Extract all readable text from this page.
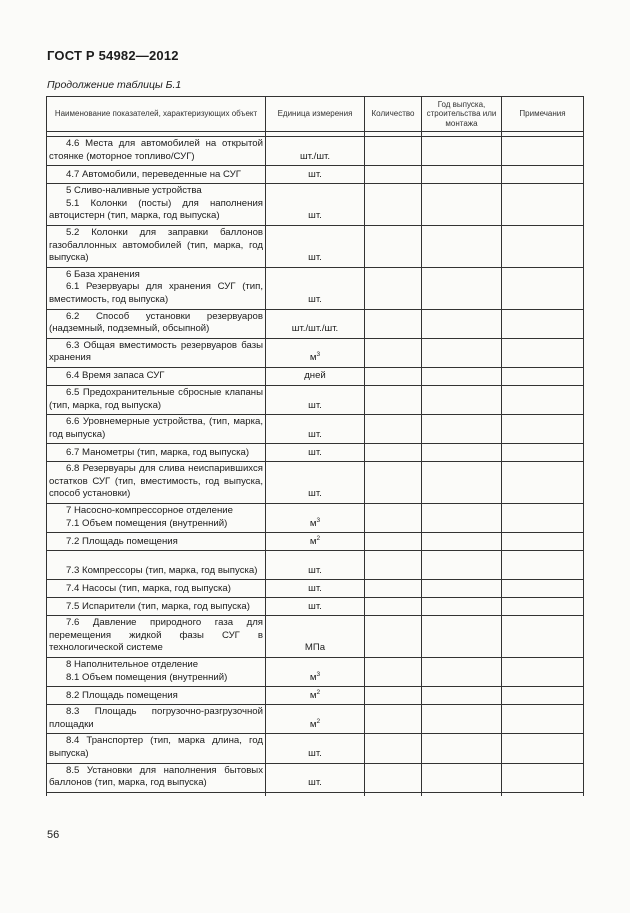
ГОСТ Р 54982—2012
Продолжение таблицы Б.1
Наименование показателей, характеризующих объект	Единица измерения	Количество	Год выпуска, строительства или монтажа	Примечания

4.6 Места для автомобилей на открытой стоянке (моторное топливо/СУГ)	шт./шт.			

4.7 Автомобили, переведенные на СУГ	шт.			

5 Сливо-наливные устройства
5.1 Колонки (посты) для наполнения автоцистерн (тип, марка, год выпуска)	шт.			

5.2 Колонки для заправки баллонов газобаллонных автомобилей (тип, марка, год выпуска)	шт.			

6 База хранения
6.1 Резервуары для хранения СУГ (тип, вместимость, год выпуска)	шт.			

6.2 Способ установки резервуаров (надземный, подземный, обсыпной)	шт./шт./шт.			

6.3 Общая вместимость резервуаров базы хранения	$м^3$			

6.4 Время запаса СУГ	дней			

6.5 Предохранительные сбросные клапаны (тип, марка, год выпуска)	шт.			

6.6 Уровнемерные устройства, (тип, марка, год выпуска)	шт.			

6.7 Манометры (тип, марка, год выпуска)	шт.			

6.8 Резервуары для слива неиспарившихся остатков СУГ (тип, вместимость, год выпуска, способ установки)	шт.			

7 Насосно-компрессорное отделение
7.1 Объем помещения (внутренний)	$м^3$			

7.2 Площадь помещения	$м^2$			

7.3 Компрессоры (тип, марка, год выпуска)	шт.			

7.4 Насосы (тип, марка, год выпуска)	шт.			

7.5 Испарители (тип, марка, год выпуска)	шт.			

7.6 Давление природного газа для перемещения жидкой фазы СУГ в технологической системе	МПа			

8 Наполнительное отделение
8.1 Объем помещения (внутренний)	$м^3$			

8.2 Площадь помещения	$м^2$			

8.3 Площадь погрузочно-разгрузочной площадки	$м^2$			

8.4 Транспортер (тип, марка длина, год выпуска)	шт.			

8.5 Установки для наполнения бытовых баллонов (тип, марка, год выпуска)	шт.			

56
